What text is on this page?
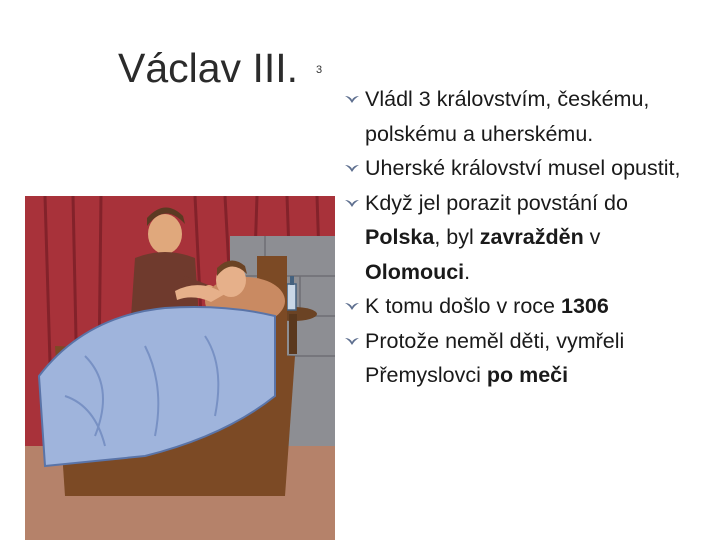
Václav III. 3
Vládl 3 královstvím, českému, polskému a uherskému.
Uherské království musel opustit,
Když jel porazit povstání do Polska, byl zavražděn v Olomouci.
K tomu došlo v roce 1306
Protože neměl děti, vymřeli Přemyslovci po meči
